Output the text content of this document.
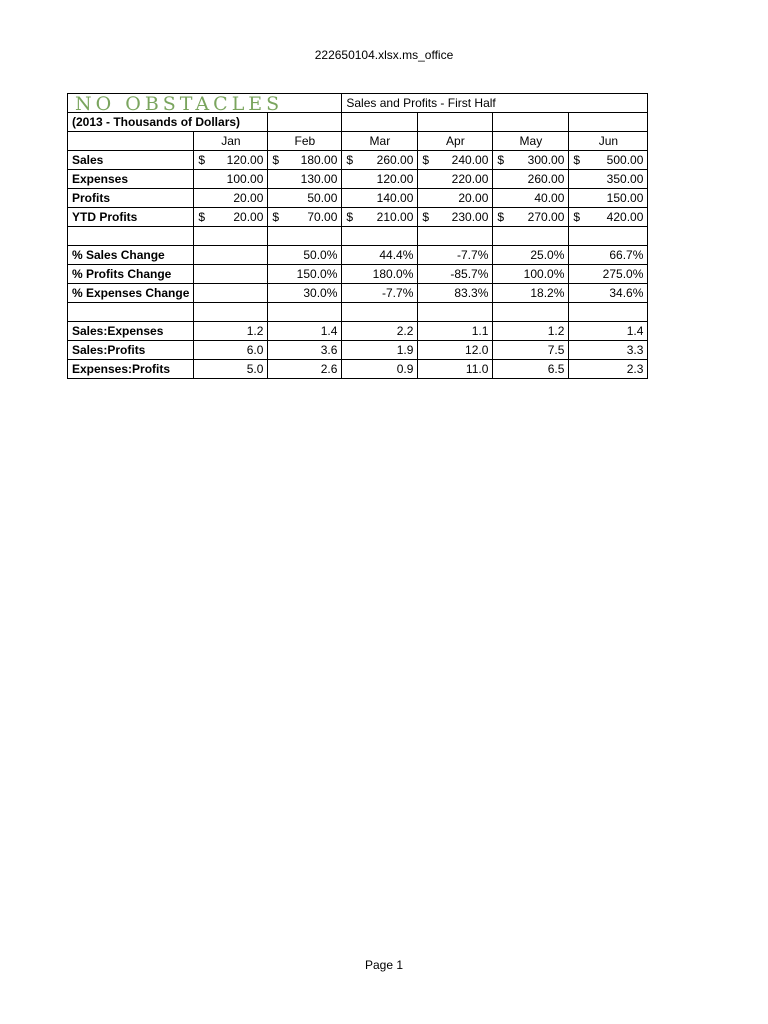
222650104.xlsx.ms_office
NO OBSTACLES			Sales and Profits - First Half			
(2013 - Thousands of Dollars)						
	Jan	Feb	Mar	Apr	May	Jun
Sales	$ 120.00	$ 180.00	$ 260.00	$ 240.00	$ 300.00	$ 500.00
Expenses	100.00	130.00	120.00	220.00	260.00	350.00
Profits	20.00	50.00	140.00	20.00	40.00	150.00
YTD Profits	$ 20.00	$ 70.00	$ 210.00	$ 230.00	$ 270.00	$ 420.00

% Sales Change		50.0%	44.4%	-7.7%	25.0%	66.7%
% Profits Change		150.0%	180.0%	-85.7%	100.0%	275.0%
% Expenses Change		30.0%	-7.7%	83.3%	18.2%	34.6%

Sales:Expenses	1.2	1.4	2.2	1.1	1.2	1.4
Sales:Profits	6.0	3.6	1.9	12.0	7.5	3.3
Expenses:Profits	5.0	2.6	0.9	11.0	6.5	2.3
Page 1
